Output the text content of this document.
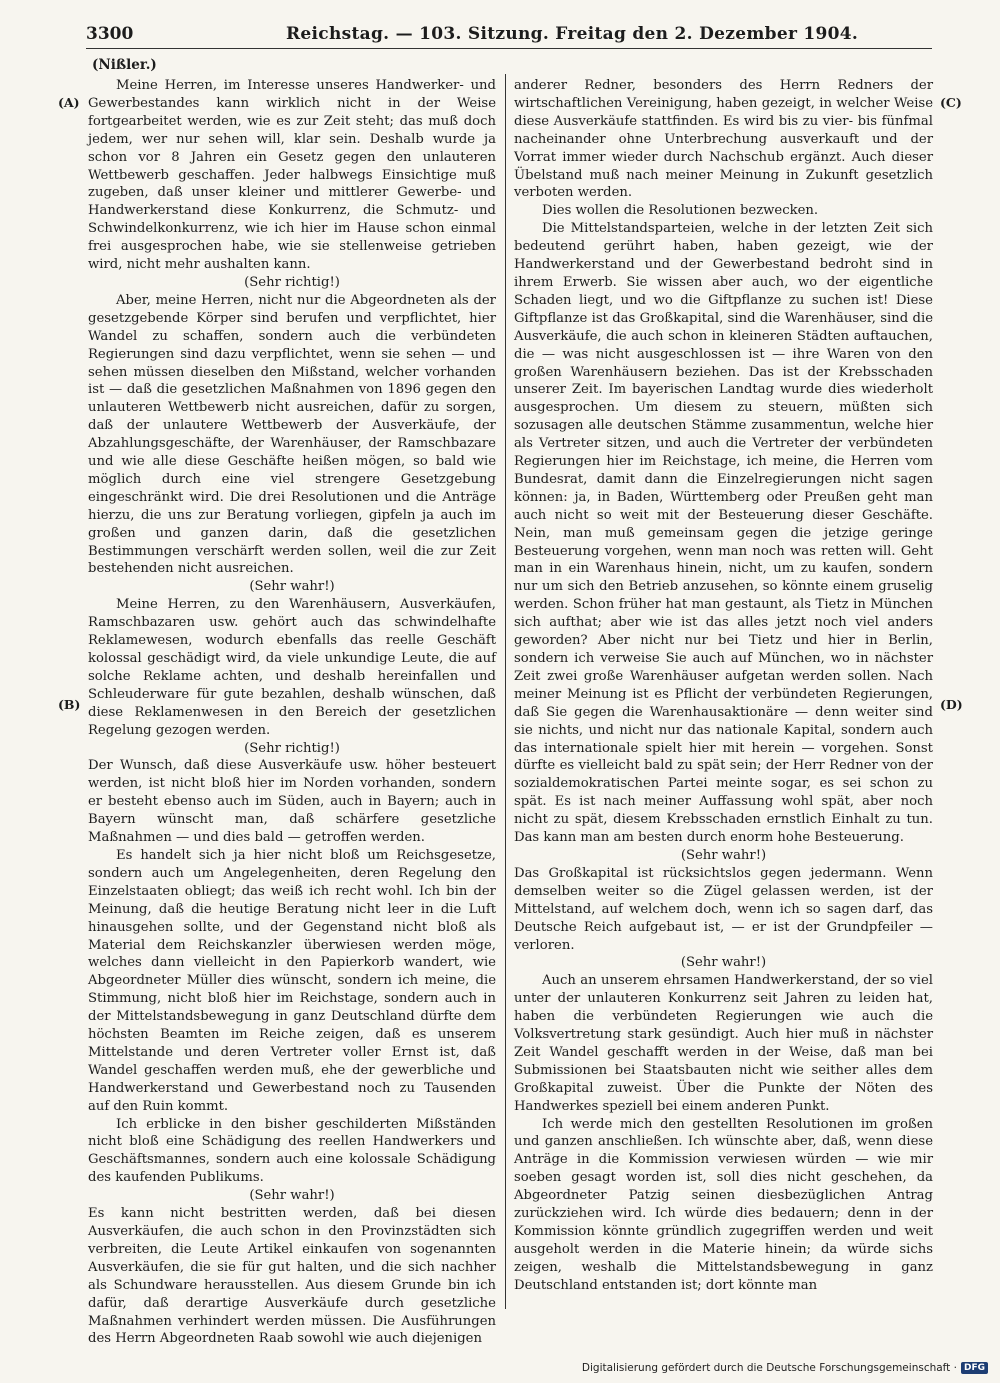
3300	Reichstag. — 103. Sitzung. Freitag den 2. Dezember 1904.
(Nißler.)
(A)
(B)
(C)
(D)

Meine Herren, im Interesse unseres Handwerker- und Gewerbestandes kann wirklich nicht in der Weise fortgearbeitet werden, wie es zur Zeit steht; das muß doch jedem, wer nur sehen will, klar sein. Deshalb wurde ja schon vor 8 Jahren ein Gesetz gegen den unlauteren Wettbewerb geschaffen. Jeder halbwegs Einsichtige muß zugeben, daß unser kleiner und mittlerer Gewerbe- und Handwerkerstand diese Konkurrenz, die Schmutz- und Schwindelkonkurrenz, wie ich hier im Hause schon einmal frei ausgesprochen habe, wie sie stellenweise getrieben wird, nicht mehr aushalten kann.

(Sehr richtig!)

Aber, meine Herren, nicht nur die Abgeordneten als der gesetzgebende Körper sind berufen und verpflichtet, hier Wandel zu schaffen, sondern auch die verbündeten Regierungen sind dazu verpflichtet, wenn sie sehen — und sehen müssen dieselben den Mißstand, welcher vorhanden ist — daß die gesetzlichen Maßnahmen von 1896 gegen den unlauteren Wettbewerb nicht ausreichen, dafür zu sorgen, daß der unlautere Wettbewerb der Ausverkäufe, der Abzahlungsgeschäfte, der Warenhäuser, der Ramschbazare und wie alle diese Geschäfte heißen mögen, so bald wie möglich durch eine viel strengere Gesetzgebung eingeschränkt wird. Die drei Resolutionen und die Anträge hierzu, die uns zur Beratung vorliegen, gipfeln ja auch im großen und ganzen darin, daß die gesetzlichen Bestimmungen verschärft werden sollen, weil die zur Zeit bestehenden nicht ausreichen.

(Sehr wahr!)

Meine Herren, zu den Warenhäusern, Ausverkäufen, Ramschbazaren usw. gehört auch das schwindelhafte Reklamewesen, wodurch ebenfalls das reelle Geschäft kolossal geschädigt wird, da viele unkundige Leute, die auf solche Reklame achten, und deshalb hereinfallen und Schleuderware für gute bezahlen, deshalb wünschen, daß diese Reklamenwesen in den Bereich der gesetzlichen Regelung gezogen werden.

(Sehr richtig!)

Der Wunsch, daß diese Ausverkäufe usw. höher besteuert werden, ist nicht bloß hier im Norden vorhanden, sondern er besteht ebenso auch im Süden, auch in Bayern; auch in Bayern wünscht man, daß schärfere gesetzliche Maßnahmen — und dies bald — getroffen werden.

Es handelt sich ja hier nicht bloß um Reichsgesetze, sondern auch um Angelegenheiten, deren Regelung den Einzelstaaten obliegt; das weiß ich recht wohl. Ich bin der Meinung, daß die heutige Beratung nicht leer in die Luft hinausgehen sollte, und der Gegenstand nicht bloß als Material dem Reichskanzler überwiesen werden möge, welches dann vielleicht in den Papierkorb wandert, wie Abgeordneter Müller dies wünscht, sondern ich meine, die Stimmung, nicht bloß hier im Reichstage, sondern auch in der Mittelstandsbewegung in ganz Deutschland dürfte dem höchsten Beamten im Reiche zeigen, daß es unserem Mittelstande und deren Vertreter voller Ernst ist, daß Wandel geschaffen werden muß, ehe der gewerbliche und Handwerkerstand und Gewerbestand noch zu Tausenden auf den Ruin kommt.

Ich erblicke in den bisher geschilderten Mißständen nicht bloß eine Schädigung des reellen Handwerkers und Geschäftsmannes, sondern auch eine kolossale Schädigung des kaufenden Publikums.

(Sehr wahr!)

Es kann nicht bestritten werden, daß bei diesen Ausverkäufen, die auch schon in den Provinzstädten sich verbreiten, die Leute Artikel einkaufen von sogenannten Ausverkäufen, die sie für gut halten, und die sich nachher als Schundware herausstellen. Aus diesem Grunde bin ich dafür, daß derartige Ausverkäufe durch gesetzliche Maßnahmen verhindert werden müssen. Die Ausführungen des Herrn Abgeordneten Raab sowohl wie auch diejenigen

anderer Redner, besonders des Herrn Redners der wirtschaftlichen Vereinigung, haben gezeigt, in welcher Weise diese Ausverkäufe stattfinden. Es wird bis zu vier- bis fünfmal nacheinander ohne Unterbrechung ausverkauft und der Vorrat immer wieder durch Nachschub ergänzt. Auch dieser Übelstand muß nach meiner Meinung in Zukunft gesetzlich verboten werden.

Dies wollen die Resolutionen bezwecken.

Die Mittelstandsparteien, welche in der letzten Zeit sich bedeutend gerührt haben, haben gezeigt, wie der Handwerkerstand und der Gewerbestand bedroht sind in ihrem Erwerb. Sie wissen aber auch, wo der eigentliche Schaden liegt, und wo die Giftpflanze zu suchen ist! Diese Giftpflanze ist das Großkapital, sind die Warenhäuser, sind die Ausverkäufe, die auch schon in kleineren Städten auftauchen, die — was nicht ausgeschlossen ist — ihre Waren von den großen Warenhäusern beziehen. Das ist der Krebsschaden unserer Zeit. Im bayerischen Landtag wurde dies wiederholt ausgesprochen. Um diesem zu steuern, müßten sich sozusagen alle deutschen Stämme zusammentun, welche hier als Vertreter sitzen, und auch die Vertreter der verbündeten Regierungen hier im Reichstage, ich meine, die Herren vom Bundesrat, damit dann die Einzelregierungen nicht sagen können: ja, in Baden, Württemberg oder Preußen geht man auch nicht so weit mit der Besteuerung dieser Geschäfte. Nein, man muß gemeinsam gegen die jetzige geringe Besteuerung vorgehen, wenn man noch was retten will. Geht man in ein Warenhaus hinein, nicht, um zu kaufen, sondern nur um sich den Betrieb anzusehen, so könnte einem gruselig werden. Schon früher hat man gestaunt, als Tietz in München sich aufthat; aber wie ist das alles jetzt noch viel anders geworden? Aber nicht nur bei Tietz und hier in Berlin, sondern ich verweise Sie auch auf München, wo in nächster Zeit zwei große Warenhäuser aufgetan werden sollen. Nach meiner Meinung ist es Pflicht der verbündeten Regierungen, daß Sie gegen die Warenhausaktionäre — denn weiter sind sie nichts, und nicht nur das nationale Kapital, sondern auch das internationale spielt hier mit herein — vorgehen. Sonst dürfte es vielleicht bald zu spät sein; der Herr Redner von der sozialdemokratischen Partei meinte sogar, es sei schon zu spät. Es ist nach meiner Auffassung wohl spät, aber noch nicht zu spät, diesem Krebsschaden ernstlich Einhalt zu tun. Das kann man am besten durch enorm hohe Besteuerung.

(Sehr wahr!)

Das Großkapital ist rücksichtslos gegen jedermann. Wenn demselben weiter so die Zügel gelassen werden, ist der Mittelstand, auf welchem doch, wenn ich so sagen darf, das Deutsche Reich aufgebaut ist, — er ist der Grundpfeiler — verloren.

(Sehr wahr!)

Auch an unserem ehrsamen Handwerkerstand, der so viel unter der unlauteren Konkurrenz seit Jahren zu leiden hat, haben die verbündeten Regierungen wie auch die Volksvertretung stark gesündigt. Auch hier muß in nächster Zeit Wandel geschafft werden in der Weise, daß man bei Submissionen bei Staatsbauten nicht wie seither alles dem Großkapital zuweist. Über die Punkte der Nöten des Handwerkes speziell bei einem anderen Punkt.

Ich werde mich den gestellten Resolutionen im großen und ganzen anschließen. Ich wünschte aber, daß, wenn diese Anträge in die Kommission verwiesen würden — wie mir soeben gesagt worden ist, soll dies nicht geschehen, da Abgeordneter Patzig seinen diesbezüglichen Antrag zurückziehen wird. Ich würde dies bedauern; denn in der Kommission könnte gründlich zugegriffen werden und weit ausgeholt werden in die Materie hinein; da würde sichs zeigen, weshalb die Mittelstandsbewegung in ganz Deutschland entstanden ist; dort könnte man

Digitalisierung gefördert durch die Deutsche Forschungsgemeinschaft · DFG
